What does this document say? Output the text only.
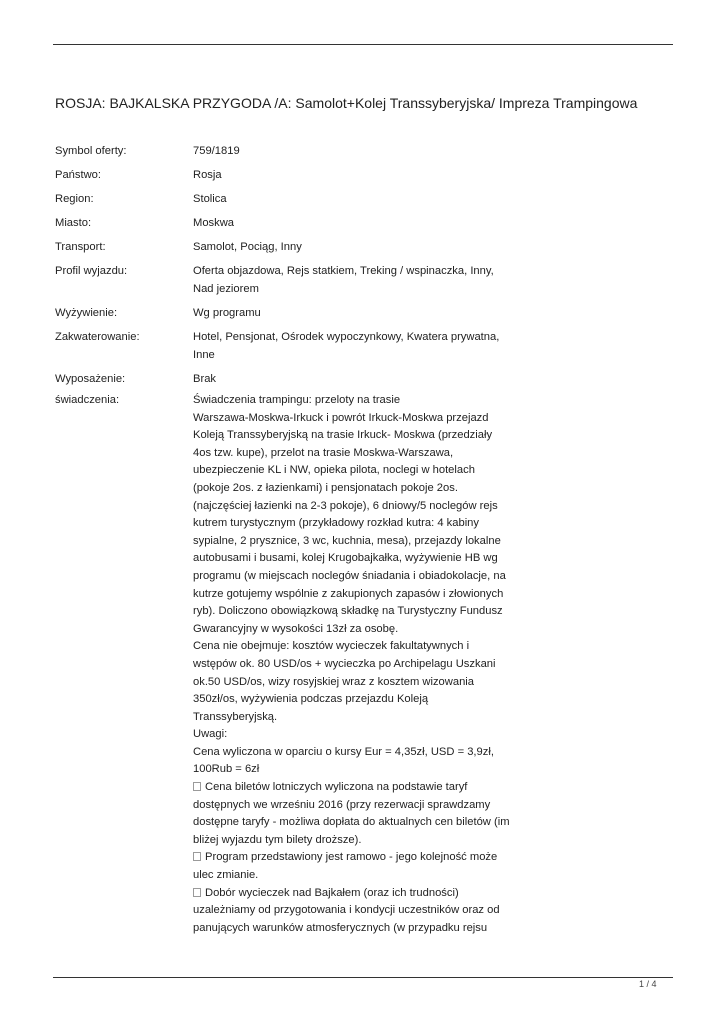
ROSJA: BAJKALSKA PRZYGODA /A: Samolot+Kolej Transsyberyjska/ Impreza Trampingowa
Symbol oferty:	759/1819
Państwo:	Rosja
Region:	Stolica
Miasto:	Moskwa
Transport:	Samolot, Pociąg, Inny
Profil wyjazdu:	Oferta objazdowa, Rejs statkiem, Treking / wspinaczka, Inny,
Nad jeziorem
Wyżywienie:	Wg programu
Zakwaterowanie:	Hotel, Pensjonat, Ośrodek wypoczynkowy, Kwatera prywatna,
Inne
Wyposażenie:	Brak
świadczenia:	Świadczenia trampingu: przeloty na trasie

Warszawa-Moskwa-Irkuck i powrót Irkuck-Moskwa przejazd

Koleją Transsyberyjską na trasie Irkuck- Moskwa (przedziały

4os tzw. kupe), przelot na trasie Moskwa-Warszawa,

ubezpieczenie KL i NW, opieka pilota, noclegi w hotelach

(pokoje 2os. z łazienkami) i pensjonatach pokoje 2os.

(najczęściej łazienki na 2-3 pokoje), 6 dniowy/5 noclegów rejs

kutrem turystycznym (przykładowy rozkład kutra: 4 kabiny

sypialne, 2 prysznice, 3 wc, kuchnia, mesa), przejazdy lokalne

autobusami i busami, kolej Krugobajkałka, wyżywienie HB wg

programu (w miejscach noclegów śniadania i obiadokolacje, na

kutrze gotujemy wspólnie z zakupionych zapasów i złowionych

ryb). Doliczono obowiązkową składkę na Turystyczny Fundusz

Gwarancyjny w wysokości 13zł za osobę.

Cena nie obejmuje: kosztów wycieczek fakultatywnych i

wstępów ok. 80 USD/os + wycieczka po Archipelagu Uszkani

ok.50 USD/os, wizy rosyjskiej wraz z kosztem wizowania

350zł/os, wyżywienia podczas przejazdu Koleją

Transsyberyjską.

Uwagi:

Cena wyliczona w oparciu o kursy Eur = 4,35zł, USD = 3,9zł,

100Rub = 6zł

Cena biletów lotniczych wyliczona na podstawie taryf

dostępnych we wrześniu 2016 (przy rezerwacji sprawdzamy

dostępne taryfy - możliwa dopłata do aktualnych cen biletów (im

bliżej wyjazdu tym bilety droższe).

Program przedstawiony jest ramowo - jego kolejność może

ulec zmianie.

Dobór wycieczek nad Bajkałem (oraz ich trudności)

uzależniamy od przygotowania i kondycji uczestników oraz od

panujących warunków atmosferycznych (w przypadku rejsu

1 / 4
